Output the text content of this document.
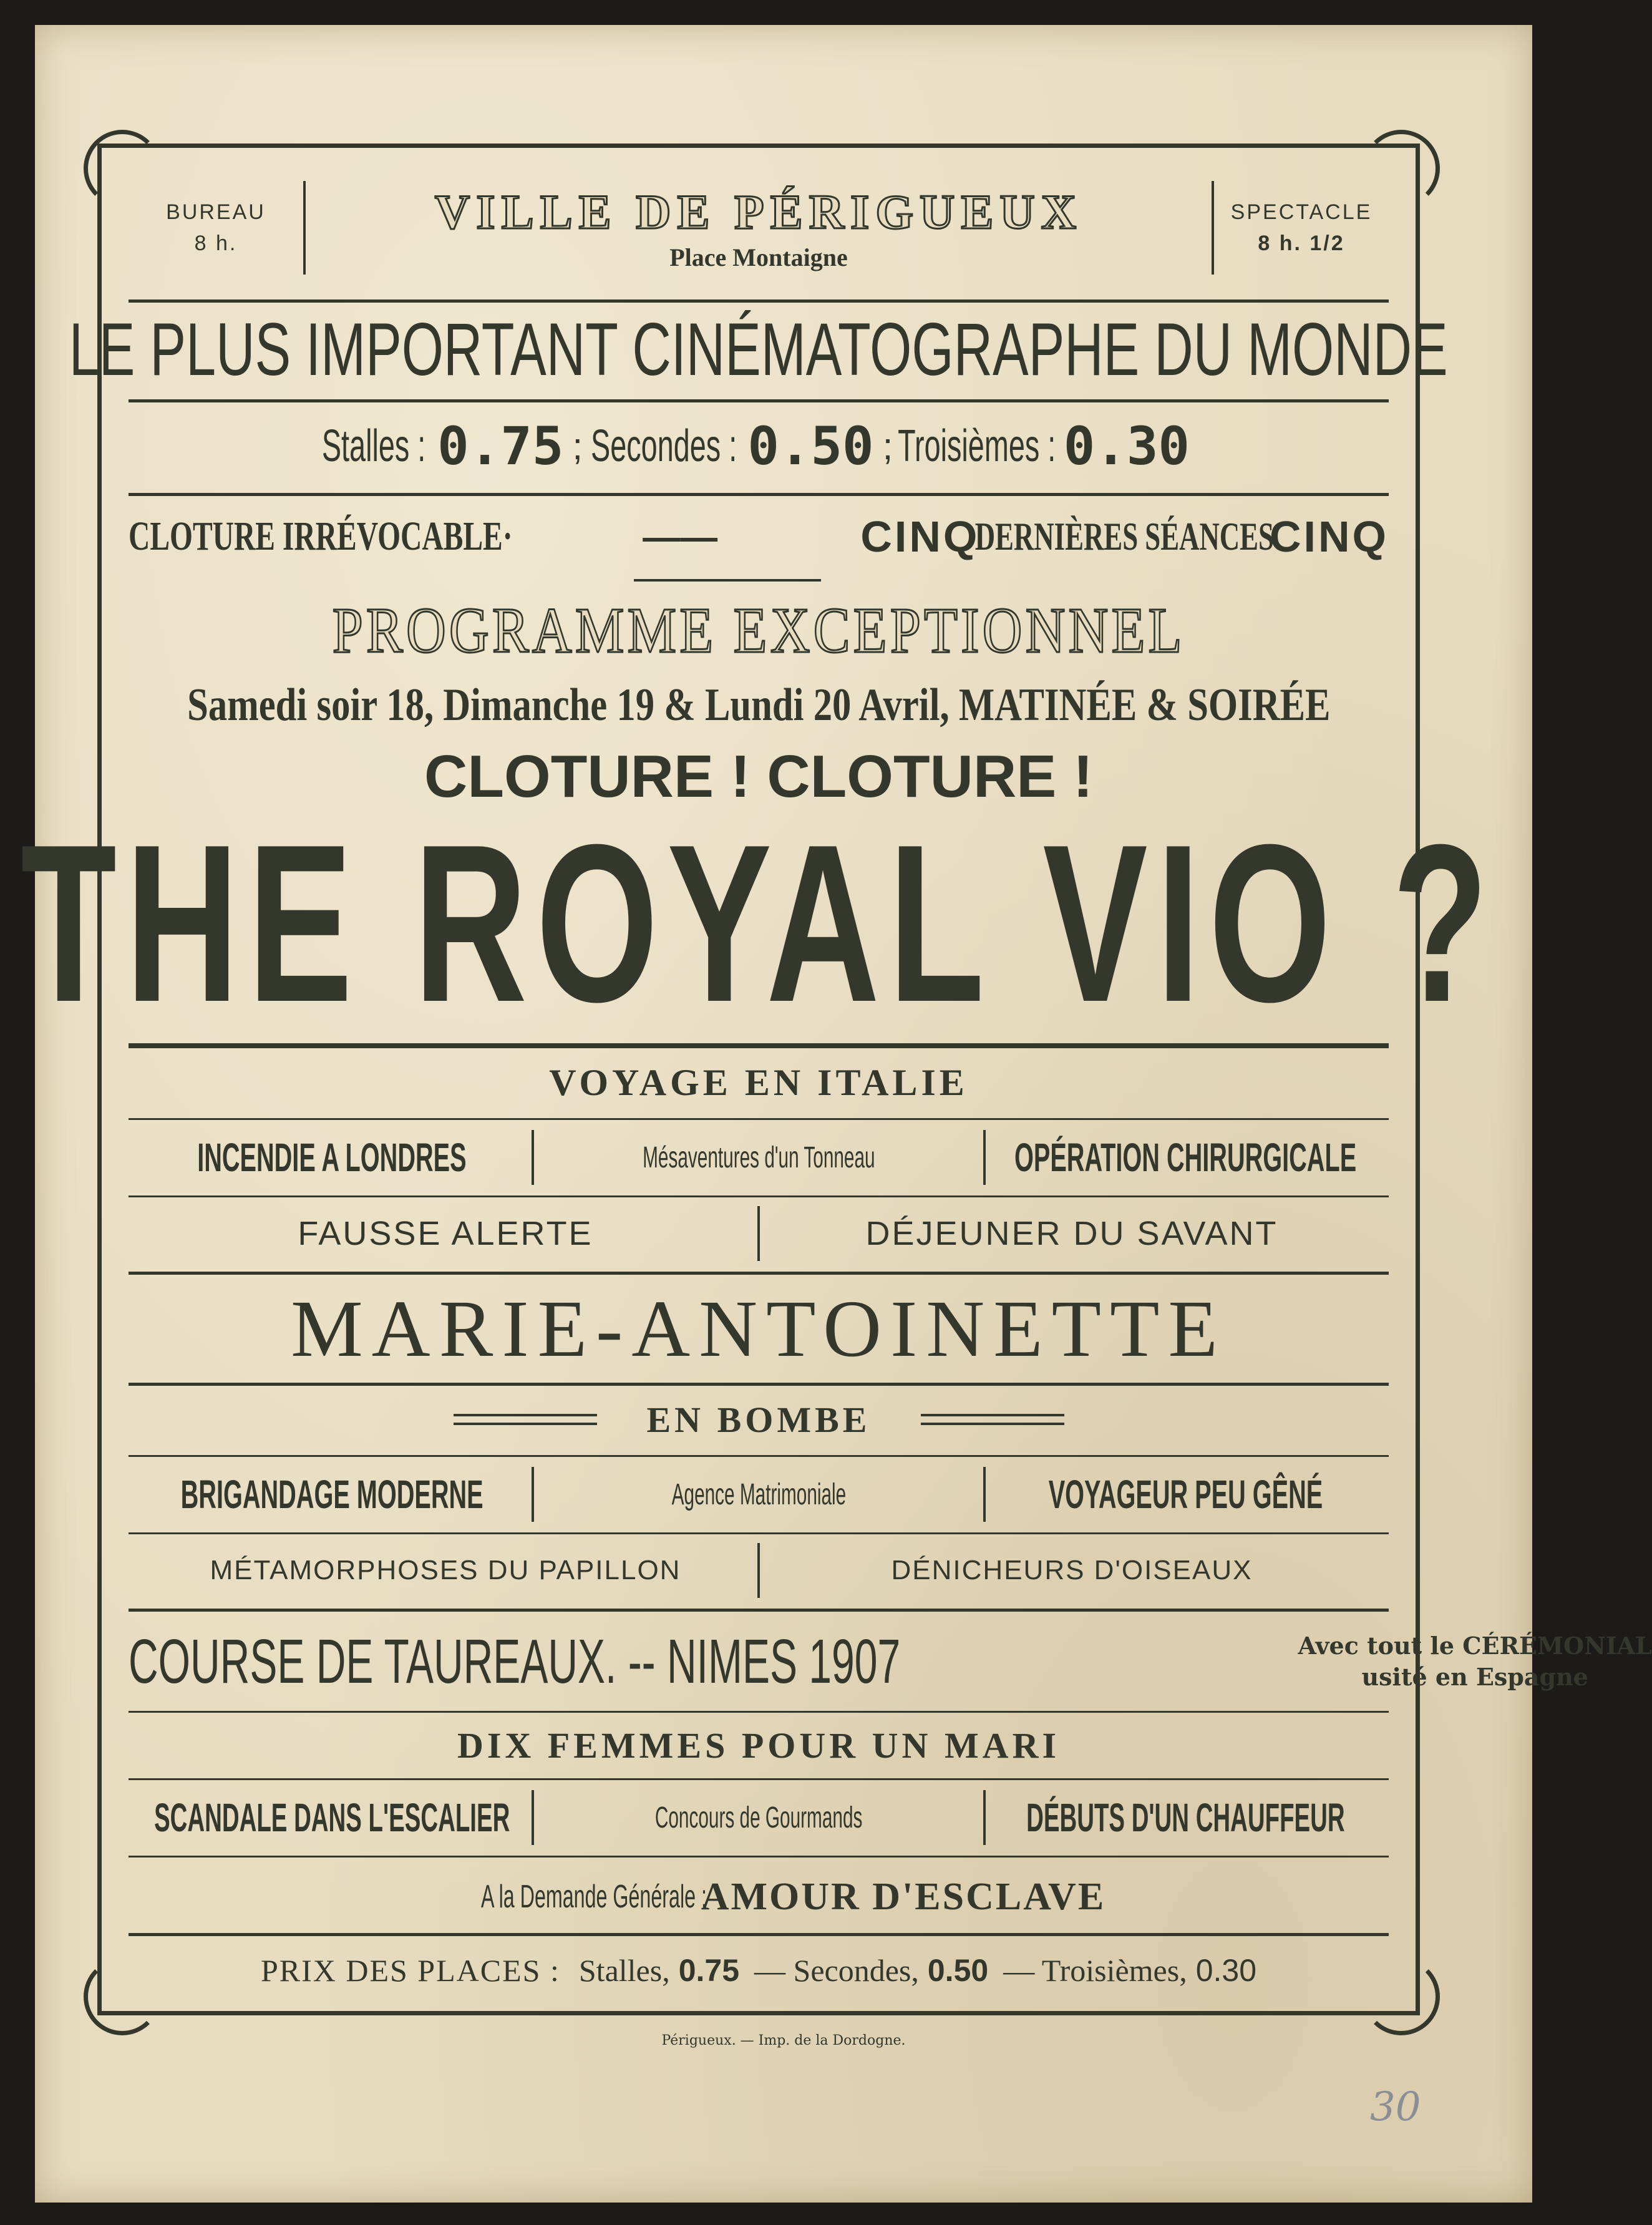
BUREAU
8 h.
VILLE DE PÉRIGUEUX
Place Montaigne
SPECTACLE
8 h. 1/2
LE PLUS IMPORTANT CINÉMATOGRAPHE DU MONDE
Stalles : 0.75 ; Secondes : 0.50 ; Troisièmes : 0.30
CLOTURE IRRÉVOCABLE·	——	CINQ
DERNIÈRES SÉANCES
CINQ
PROGRAMME EXCEPTIONNEL
Samedi soir 18, Dimanche 19 & Lundi 20 Avril, MATINÉE & SOIRÉE
CLOTURE ! CLOTURE !
THE ROYAL VIO ?
VOYAGE EN ITALIE
INCENDIE A LONDRES	Mésaventures d'un Tonneau	OPÉRATION CHIRURGICALE
FAUSSE ALERTE	DÉJEUNER DU SAVANT
MARIE-ANTOINETTE
EN BOMBE
BRIGANDAGE MODERNE	Agence Matrimoniale	VOYAGEUR PEU GÊNÉ
MÉTAMORPHOSES DU PAPILLON	DÉNICHEURS D'OISEAUX
COURSE DE TAUREAUX. -- NIMES 1907	Avec tout le CÉRÉMONIAL
usité en Espagne
DIX FEMMES POUR UN MARI
SCANDALE DANS L'ESCALIER	Concours de Gourmands	DÉBUTS D'UN CHAUFFEUR
A la Demande Générale :
AMOUR D'ESCLAVE
PRIX DES PLACES : Stalles, 0.75 — Secondes, 0.50 — Troisièmes, 0.30
Périgueux. — Imp. de la Dordogne.
30
